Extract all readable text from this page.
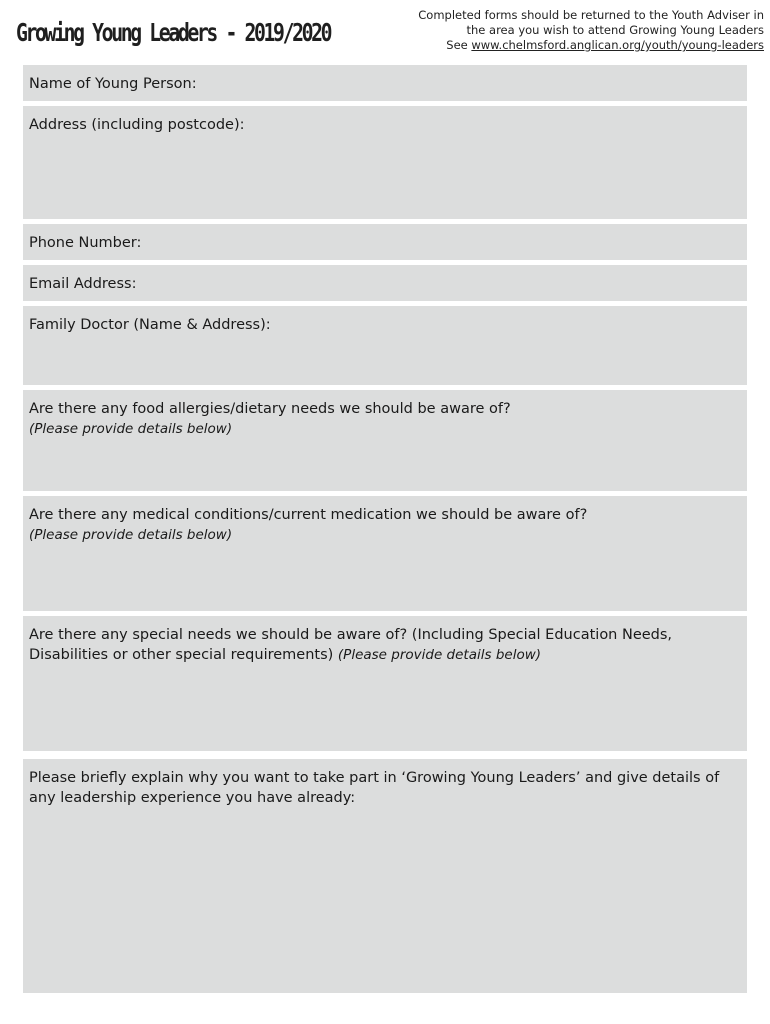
Growing Young Leaders - 2019/2020
Completed forms should be returned to the Youth Adviser in
the area you wish to attend Growing Young Leaders
See www.chelmsford.anglican.org/youth/young-leaders
Name of Young Person:
Address (including postcode):
Phone Number:
Email Address:
Family Doctor (Name & Address):
Are there any food allergies/dietary needs we should be aware of?
(Please provide details below)
Are there any medical conditions/current medication we should be aware of?
(Please provide details below)
Are there any special needs we should be aware of? (Including Special Education Needs, Disabilities or other special requirements) (Please provide details below)
Please briefly explain why you want to take part in ‘Growing Young Leaders’ and give details of any leadership experience you have already:
